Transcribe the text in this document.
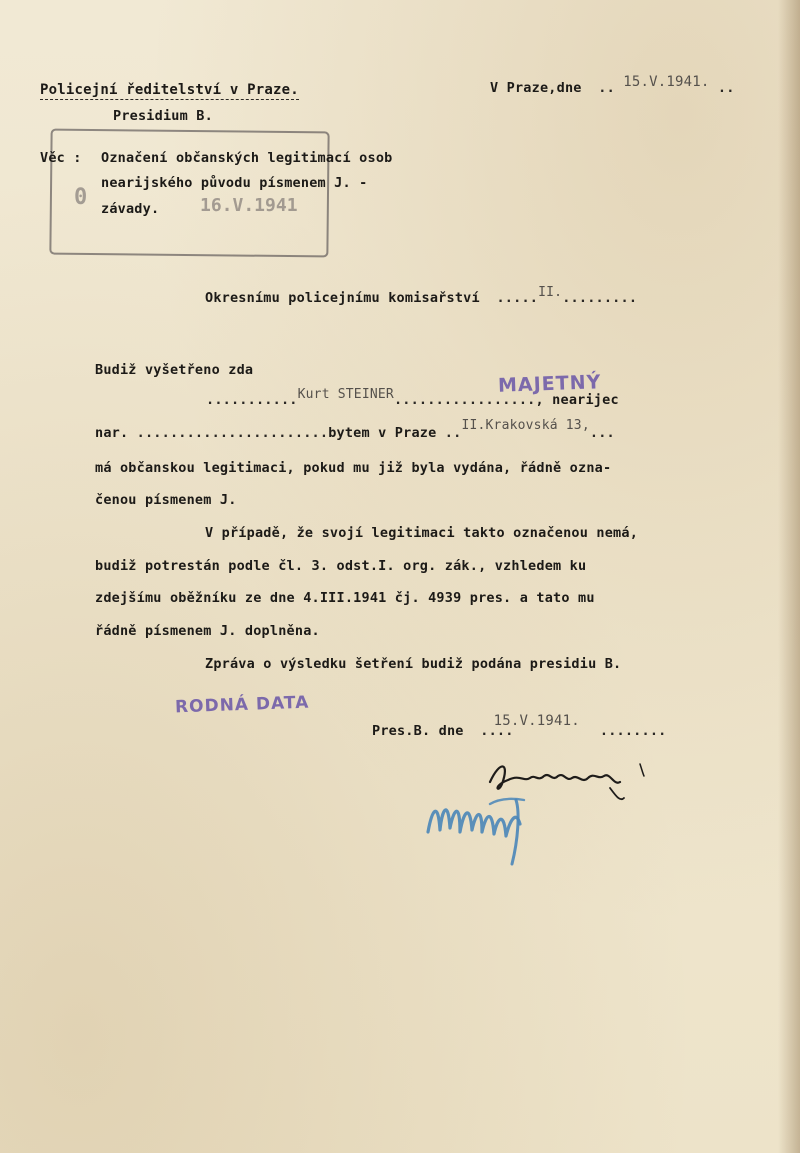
0	16.V.1941
Policejní ředitelství v Praze.	V Praze,dne  .. 15.V.1941. ..
Presidium B.
Věc : Označení občanských legitimací osob
nearijského původu písmenem J. -
závady.
Okresnímu policejnímu komisařství  .....II..........
Budiž vyšetřeno zda
...........Kurt STEINER................., nearijec
MAJETNÝ
nar. .......................bytem v Praze ..II.Krakovská 13,...
má občanskou legitimaci, pokud mu již byla vydána, řádně ozna-
čenou písmenem J.
V případě, že svojí legitimaci takto označenou nemá,
budiž potrestán podle čl. 3. odst.I. org. zák., vzhledem ku
zdejšímu oběžníku ze dne 4.III.1941 čj. 4939 pres. a tato mu
řádně písmenem J. doplněna.
Zpráva o výsledku šetření budiž podána presidiu B.
RODNÁ DATA
Pres.B. dne  ....15.V.1941.........
